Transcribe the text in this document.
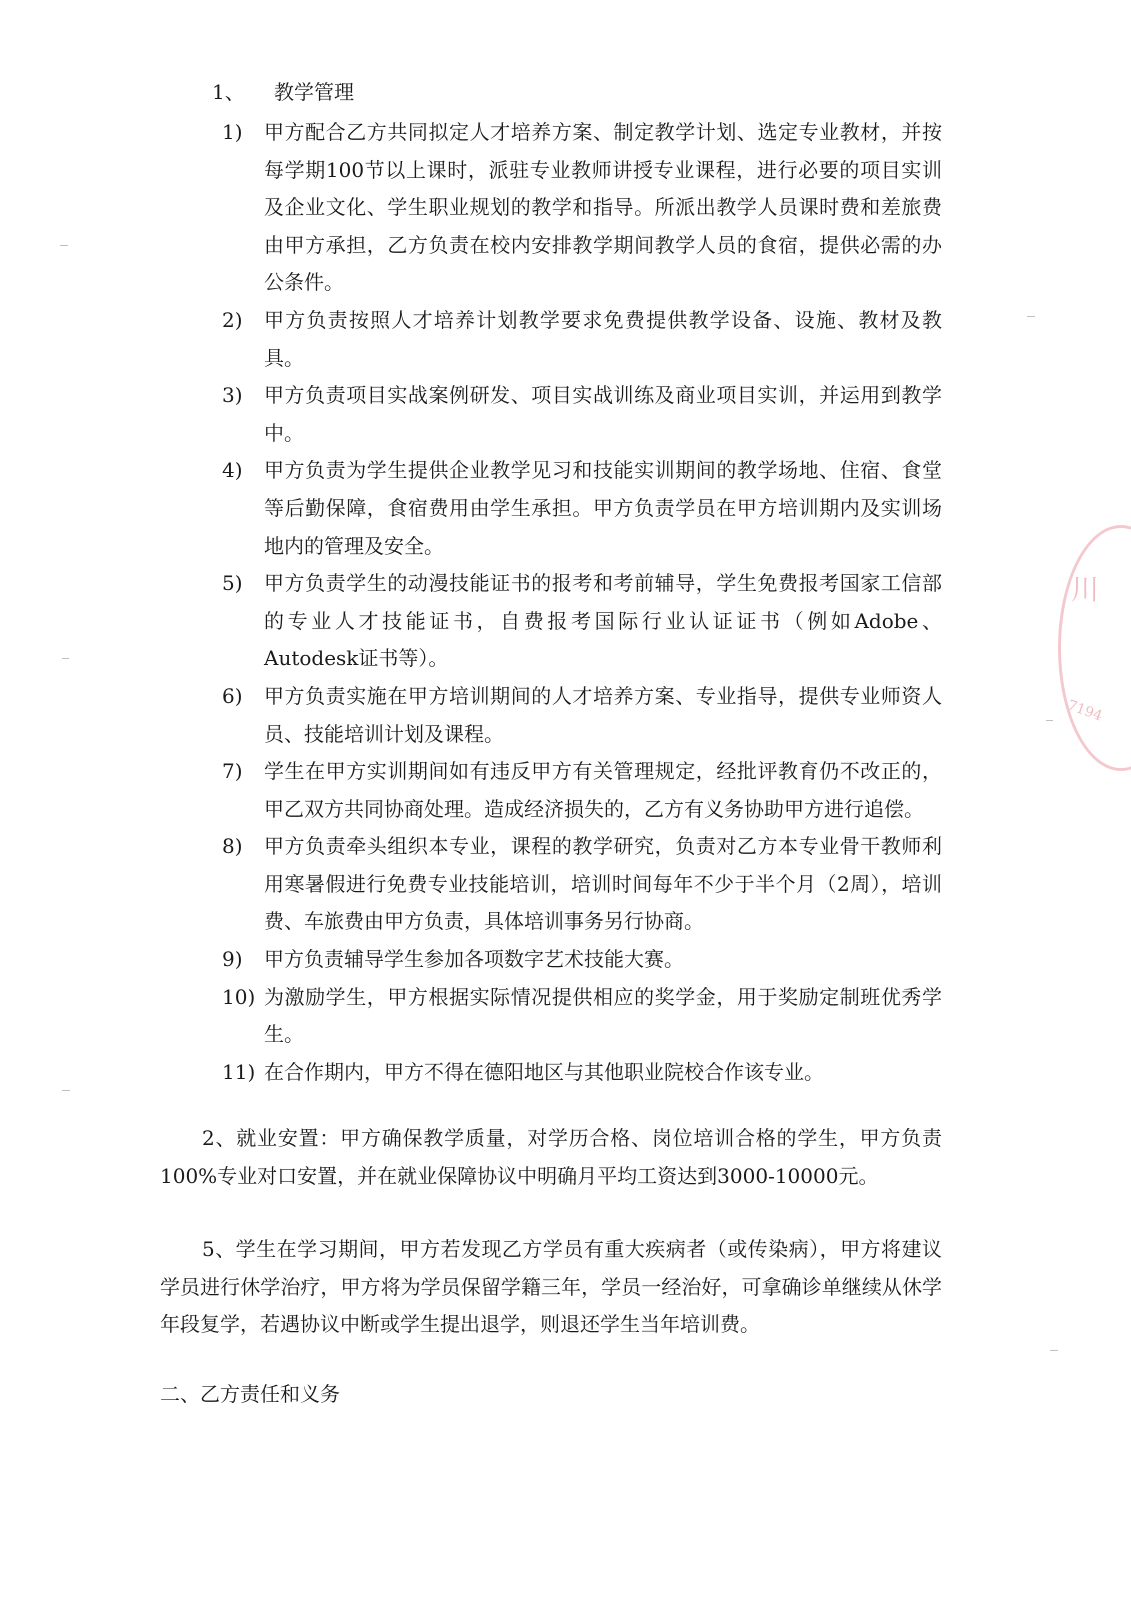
1、 教学管理
1)	甲方配合乙方共同拟定人才培养方案、制定教学计划、选定专业教材，并按每学期100节以上课时，派驻专业教师讲授专业课程，进行必要的项目实训及企业文化、学生职业规划的教学和指导。所派出教学人员课时费和差旅费由甲方承担，乙方负责在校内安排教学期间教学人员的食宿，提供必需的办公条件。
2)	甲方负责按照人才培养计划教学要求免费提供教学设备、设施、教材及教具。
3)	甲方负责项目实战案例研发、项目实战训练及商业项目实训，并运用到教学中。
4)	甲方负责为学生提供企业教学见习和技能实训期间的教学场地、住宿、食堂等后勤保障，食宿费用由学生承担。甲方负责学员在甲方培训期内及实训场地内的管理及安全。
5)	甲方负责学生的动漫技能证书的报考和考前辅导，学生免费报考国家工信部的专业人才技能证书，自费报考国际行业认证证书（例如Adobe、Autodesk证书等）。
6)	甲方负责实施在甲方培训期间的人才培养方案、专业指导，提供专业师资人员、技能培训计划及课程。
7)	学生在甲方实训期间如有违反甲方有关管理规定，经批评教育仍不改正的，甲乙双方共同协商处理。造成经济损失的，乙方有义务协助甲方进行追偿。
8)	甲方负责牵头组织本专业，课程的教学研究，负责对乙方本专业骨干教师利用寒暑假进行免费专业技能培训，培训时间每年不少于半个月（2周），培训费、车旅费由甲方负责，具体培训事务另行协商。
9)	甲方负责辅导学生参加各项数字艺术技能大赛。
10) 为激励学生，甲方根据实际情况提供相应的奖学金，用于奖励定制班优秀学生。
11) 在合作期内，甲方不得在德阳地区与其他职业院校合作该专业。
2、就业安置：甲方确保教学质量，对学历合格、岗位培训合格的学生，甲方负责100%专业对口安置，并在就业保障协议中明确月平均工资达到3000-10000元。
5、学生在学习期间，甲方若发现乙方学员有重大疾病者（或传染病），甲方将建议学员进行休学治疗，甲方将为学员保留学籍三年，学员一经治好，可拿确诊单继续从休学年段复学，若遇协议中断或学生提出退学，则退还学生当年培训费。
二、乙方责任和义务
川
7194
